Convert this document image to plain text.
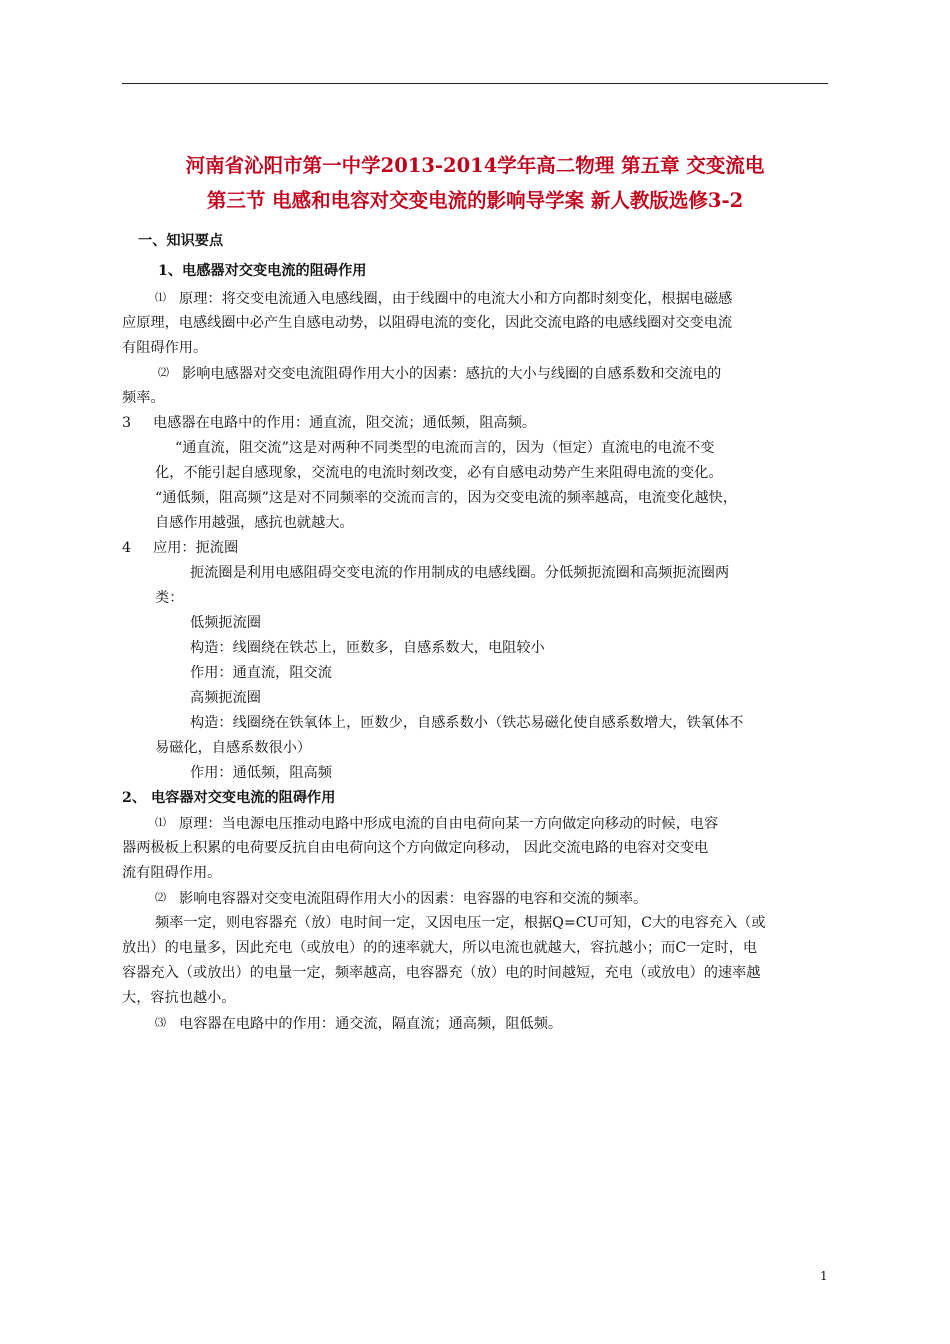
河南省沁阳市第一中学2013-2014学年高二物理 第五章 交变流电
第三节 电感和电容对交变电流的影响导学案 新人教版选修3-2
一、知识要点
1、电感器对交变电流的阻碍作用
⑴ 原理：将交变电流通入电感线圈，由于线圈中的电流大小和方向都时刻变化，根据电磁感
应原理，电感线圈中必产生自感电动势，以阻碍电流的变化，因此交流电路的电感线圈对交变电流
有阻碍作用。
⑵ 影响电感器对交变电流阻碍作用大小的因素：感抗的大小与线圈的自感系数和交流电的
频率。
3 电感器在电路中的作用：通直流，阻交流；通低频，阻高频。
“通直流，阻交流”这是对两种不同类型的电流而言的，因为（恒定）直流电的电流不变
化，不能引起自感现象，交流电的电流时刻改变，必有自感电动势产生来阻碍电流的变化。
“通低频，阻高频”这是对不同频率的交流而言的，因为交变电流的频率越高，电流变化越快，
自感作用越强，感抗也就越大。
4 应用：扼流圈
扼流圈是利用电感阻碍交变电流的作用制成的电感线圈。分低频扼流圈和高频扼流圈两
类：
低频扼流圈
构造：线圈绕在铁芯上，匝数多，自感系数大，电阻较小
作用：通直流，阻交流
高频扼流圈
构造：线圈绕在铁氧体上，匝数少，自感系数小（铁芯易磁化使自感系数增大，铁氧体不
易磁化，自感系数很小）
作用：通低频，阻高频
2、 电容器对交变电流的阻碍作用
⑴ 原理：当电源电压推动电路中形成电流的自由电荷向某一方向做定向移动的时候，电容
器两极板上积累的电荷要反抗自由电荷向这个方向做定向移动， 因此交流电路的电容对交变电
流有阻碍作用。
⑵ 影响电容器对交变电流阻碍作用大小的因素：电容器的电容和交流的频率。
频率一定，则电容器充（放）电时间一定，又因电压一定，根据Q=CU可知，C大的电容充入（或
放出）的电量多，因此充电（或放电）的的速率就大，所以电流也就越大，容抗越小；而C一定时，电
容器充入（或放出）的电量一定，频率越高，电容器充（放）电的时间越短，充电（或放电）的速率越
大，容抗也越小。
⑶ 电容器在电路中的作用：通交流，隔直流；通高频，阻低频。
1
